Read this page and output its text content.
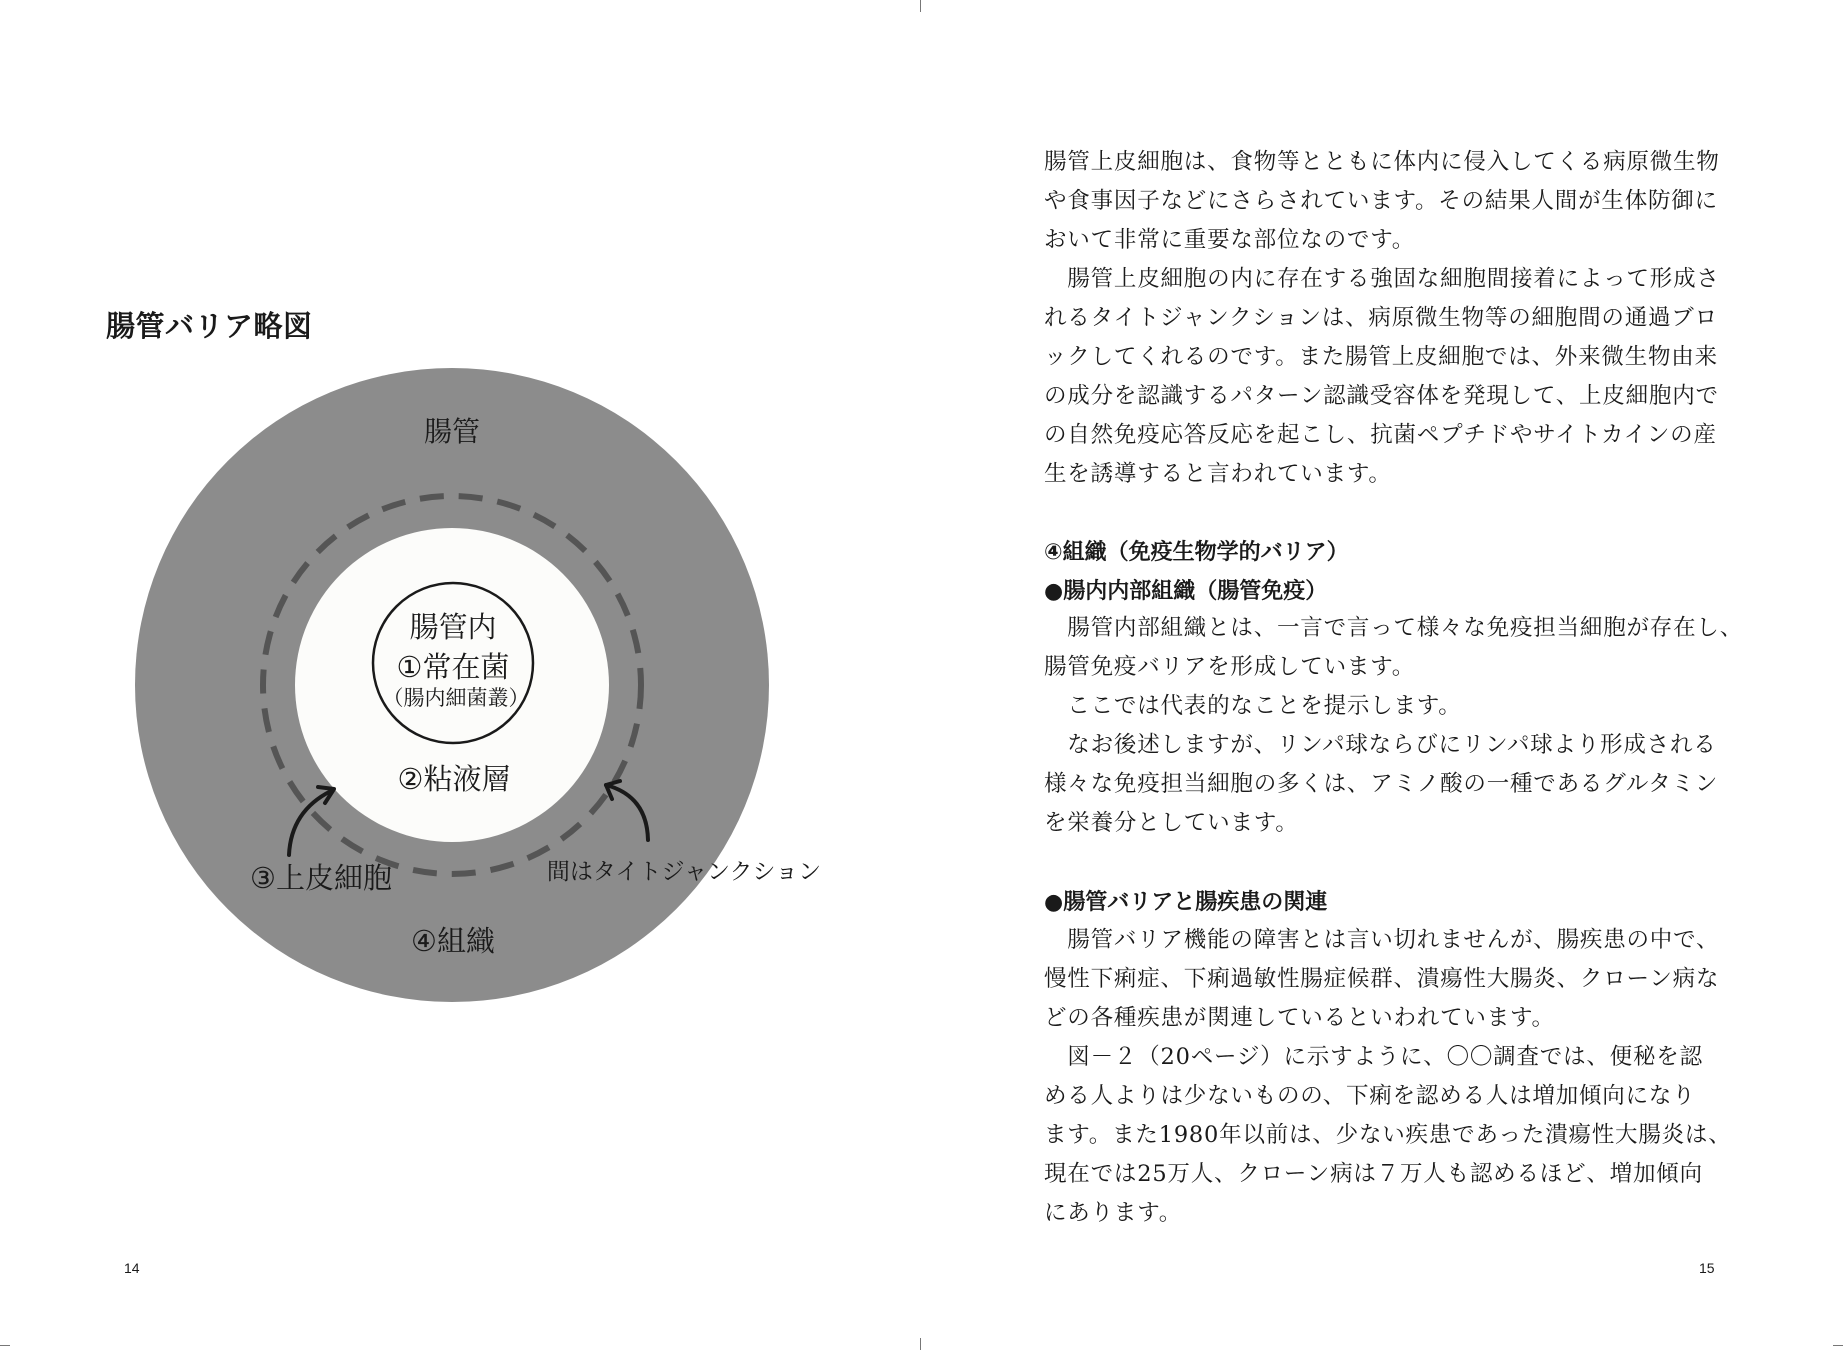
腸管バリア略図
腸管
腸管内
①常在菌
（腸内細菌叢）
②粘液層
③上皮細胞	間はタイトジャンクション
④組織
14
腸管上皮細胞は、食物等とともに体内に侵入してくる病原微生物
や食事因子などにさらされています。その結果人間が生体防御に
おいて非常に重要な部位なのです。
　腸管上皮細胞の内に存在する強固な細胞間接着によって形成さ
れるタイトジャンクションは、病原微生物等の細胞間の通過ブロ
ックしてくれるのです。また腸管上皮細胞では、外来微生物由来
の成分を認識するパターン認識受容体を発現して、上皮細胞内で
の自然免疫応答反応を起こし、抗菌ペプチドやサイトカインの産
生を誘導すると言われています。
④組織（免疫生物学的バリア）
●腸内内部組織（腸管免疫）
　腸管内部組織とは、一言で言って様々な免疫担当細胞が存在し、
腸管免疫バリアを形成しています。
　ここでは代表的なことを提示します。
　なお後述しますが、リンパ球ならびにリンパ球より形成される
様々な免疫担当細胞の多くは、アミノ酸の一種であるグルタミン
を栄養分としています。
●腸管バリアと腸疾患の関連
　腸管バリア機能の障害とは言い切れませんが、腸疾患の中で、
慢性下痢症、下痢過敏性腸症候群、潰瘍性大腸炎、クローン病な
どの各種疾患が関連しているといわれています。
　図－２（20ページ）に示すように、〇〇調査では、便秘を認
める人よりは少ないものの、下痢を認める人は増加傾向になり
ます。また1980年以前は、少ない疾患であった潰瘍性大腸炎は、
現在では25万人、クローン病は７万人も認めるほど、増加傾向
にあります。
15
